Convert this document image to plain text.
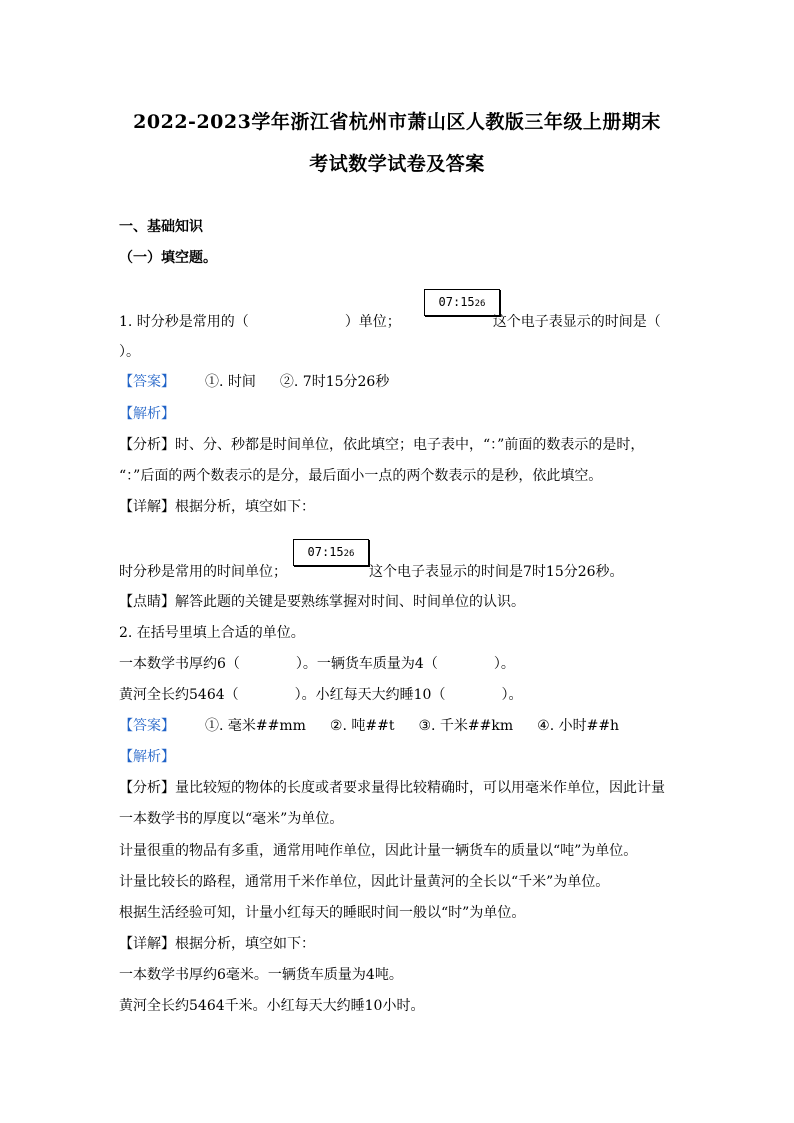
2022-2023学年浙江省杭州市萧山区人教版三年级上册期末
考试数学试卷及答案
一、基础知识
（一）填空题。
07:1526
1. 时分秒是常用的（	）单位；	这个电子表显示的时间是（
）。
【答案】 ①. 时间 ②. 7时15分26秒
【解析】
【分析】时、分、秒都是时间单位，依此填空；电子表中，“：”前面的数表示的是时，
“：”后面的两个数表示的是分，最后面小一点的两个数表示的是秒，依此填空。
【详解】根据分析，填空如下：
07:1526
时分秒是常用的时间单位；	这个电子表显示的时间是7时15分26秒。
【点睛】解答此题的关键是要熟练掌握对时间、时间单位的认识。
2. 在括号里填上合适的单位。
一本数学书厚约6（	）。一辆货车质量为4（	）。
黄河全长约5464（	）。小红每天大约睡10（	）。
【答案】 ①. 毫米##mm ②. 吨##t ③. 千米##km ④. 小时##h
【解析】
【分析】量比较短的物体的长度或者要求量得比较精确时，可以用毫米作单位，因此计量
一本数学书的厚度以“毫米”为单位。
计量很重的物品有多重，通常用吨作单位，因此计量一辆货车的质量以“吨”为单位。
计量比较长的路程，通常用千米作单位，因此计量黄河的全长以“千米”为单位。
根据生活经验可知，计量小红每天的睡眠时间一般以“时”为单位。
【详解】根据分析，填空如下：
一本数学书厚约6毫米。一辆货车质量为4吨。
黄河全长约5464千米。小红每天大约睡10小时。
